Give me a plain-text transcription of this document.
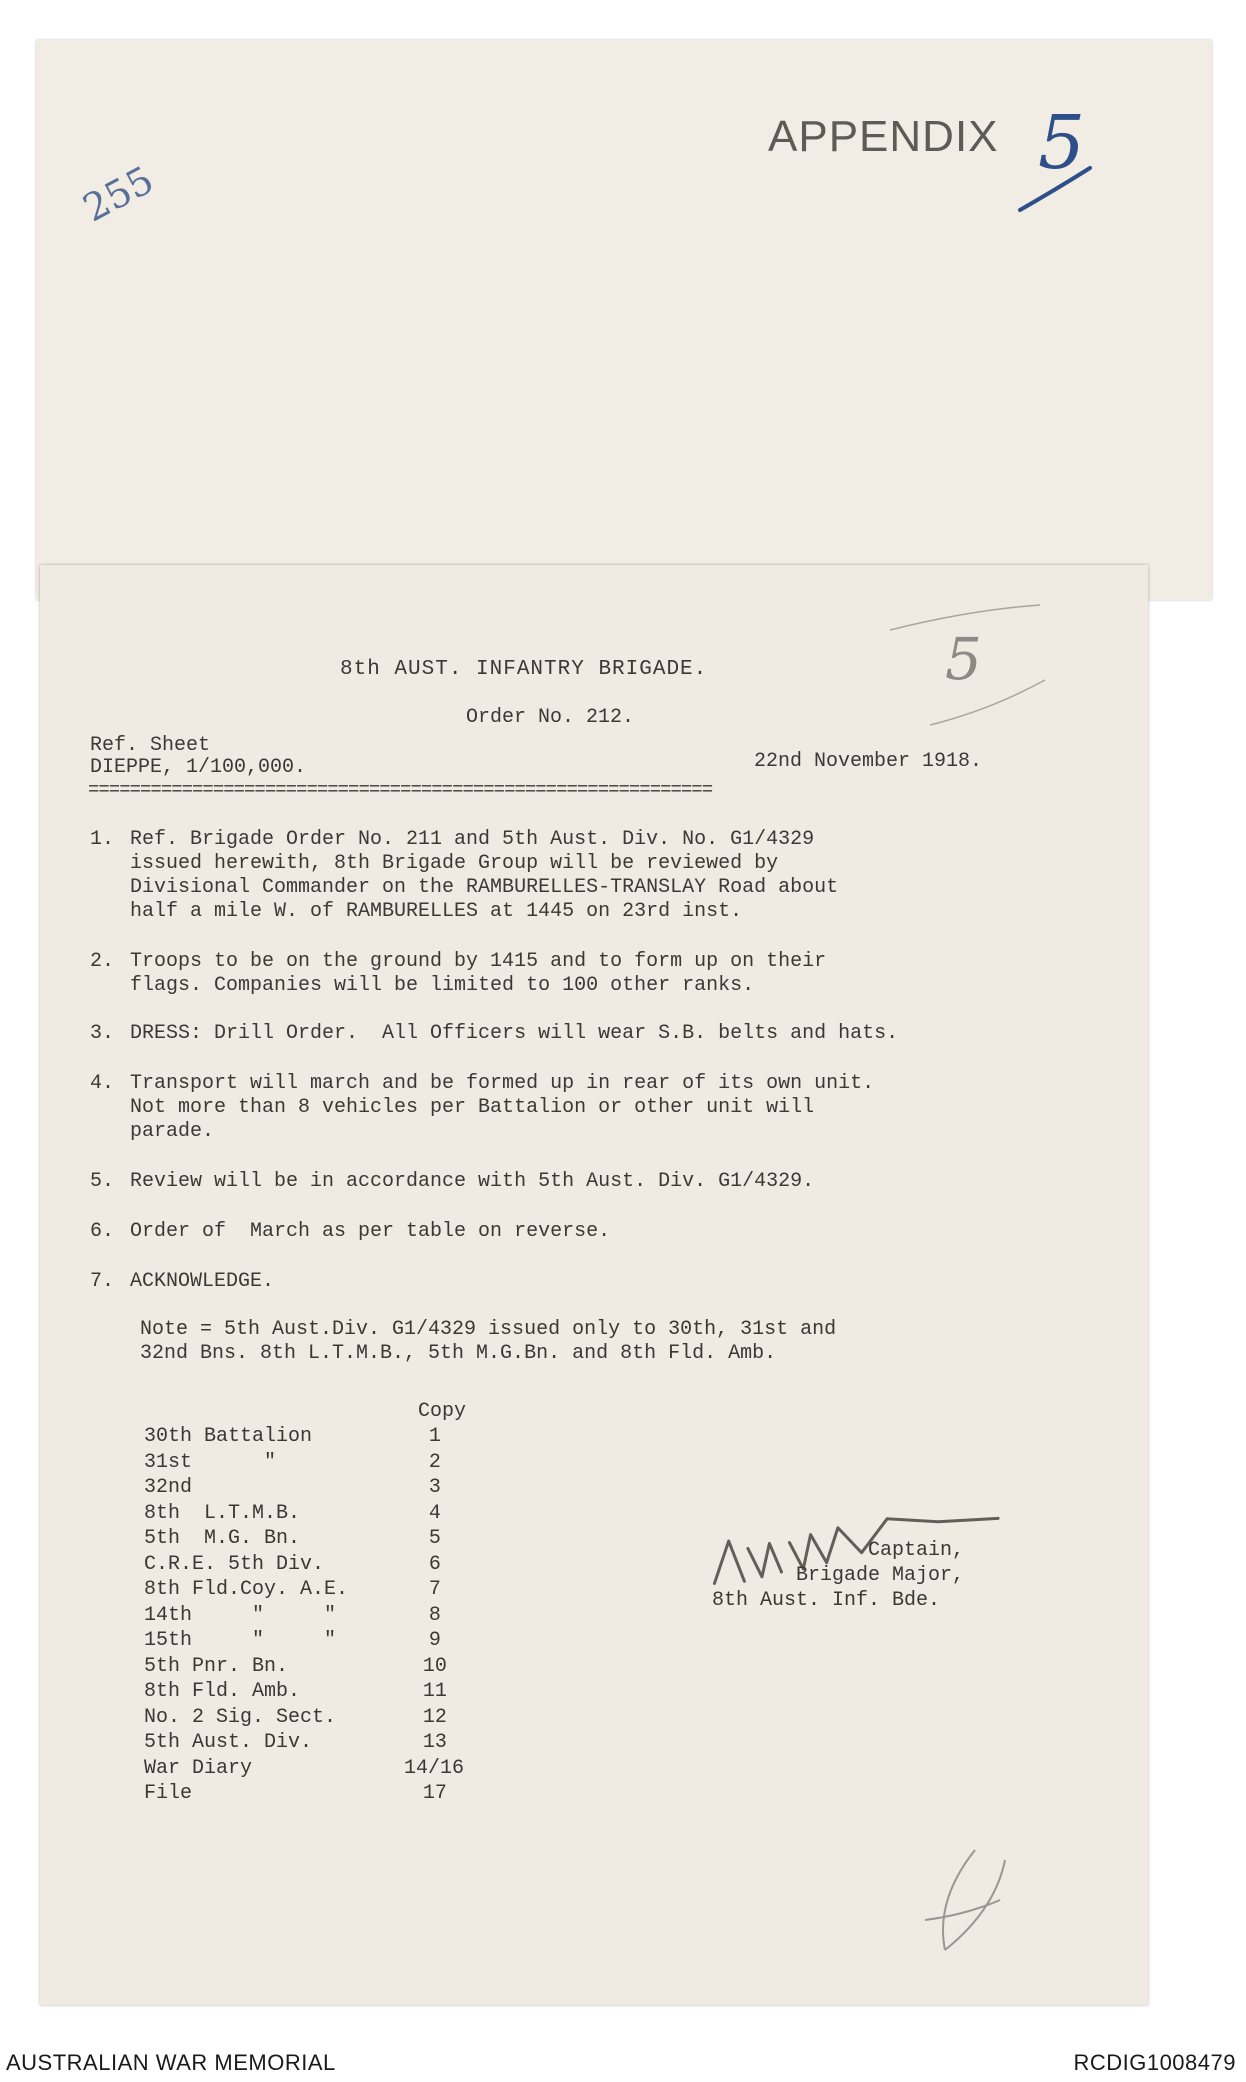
APPENDIX 5
255
5
8th AUST. INFANTRY BRIGADE.
Order No. 212.
Ref. Sheet
DIEPPE, 1/100,000.	22nd November 1918.
============================================================
1. Ref. Brigade Order No. 211 and 5th Aust. Div. No. G1/4329
issued herewith, 8th Brigade Group will be reviewed by
Divisional Commander on the RAMBURELLES-TRANSLAY Road about
half a mile W. of RAMBURELLES at 1445 on 23rd inst.
2. Troops to be on the ground by 1415 and to form up on their
flags. Companies will be limited to 100 other ranks.
3. DRESS: Drill Order.  All Officers will wear S.B. belts and hats.
4. Transport will march and be formed up in rear of its own unit.
Not more than 8 vehicles per Battalion or other unit will
parade.
5. Review will be in accordance with 5th Aust. Div. G1/4329.
6. Order of  March as per table on reverse.
7. ACKNOWLEDGE.
Note = 5th Aust.Div. G1/4329 issued only to 30th, 31st and
32nd Bns. 8th L.T.M.B., 5th M.G.Bn. and 8th Fld. Amb.
Copy
30th Battalion	1
31st      "	2
32nd	3
8th  L.T.M.B.	4
5th  M.G. Bn.	5
C.R.E. 5th Div.	6
8th Fld.Coy. A.E.	7
14th     "     "	8
15th     "     "	9
5th Pnr. Bn.	10
8th Fld. Amb.	11
No. 2 Sig. Sect.	12
5th Aust. Div.	13
War Diary	14/16
File	17
Captain,
Brigade Major,
8th Aust. Inf. Bde.
AUSTRALIAN WAR MEMORIAL	RCDIG1008479
